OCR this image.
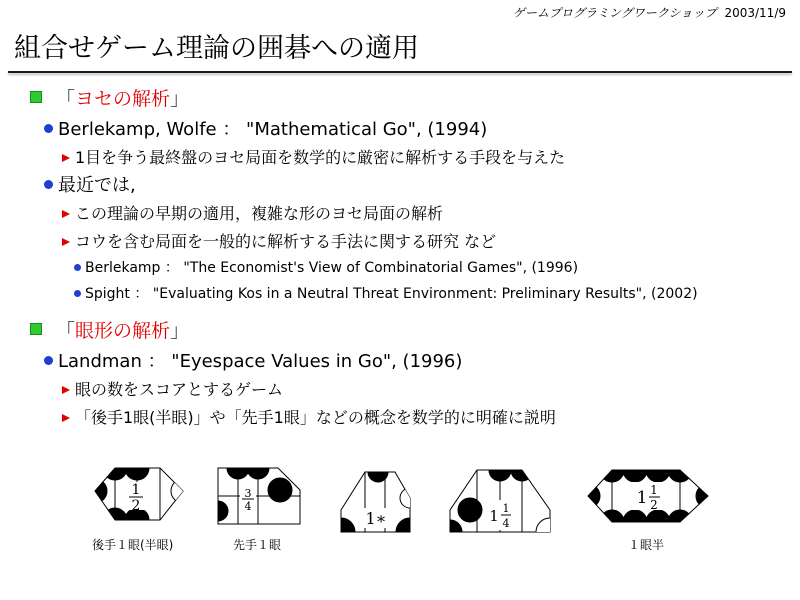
ゲームプログラミングワークショップ 2003/11/9
組合せゲーム理論の囲碁への適用
「ヨセの解析」
Berlekamp, Wolfe ： "Mathematical Go", (1994)
1目を争う最終盤のヨセ局面を数学的に厳密に解析する手段を与えた
最近では,
この理論の早期の適用，複雑な形のヨセ局面の解析
コウを含む局面を一般的に解析する手法に関する研究 など
Berlekamp ： "The Economist's View of Combinatorial Games", (1996)
Spight ： "Evaluating Kos in a Neutral Threat Environment: Preliminary Results", (2002)
「眼形の解析」
Landman ： "Eyespace Values in Go", (1996)
眼の数をスコアとするゲーム
「後手1眼(半眼)」や「先手1眼」などの概念を数学的に明確に説明
1
2
3
4
1∗	1 1
4
1 1
2
後手１眼(半眼)	先手１眼	１眼半
